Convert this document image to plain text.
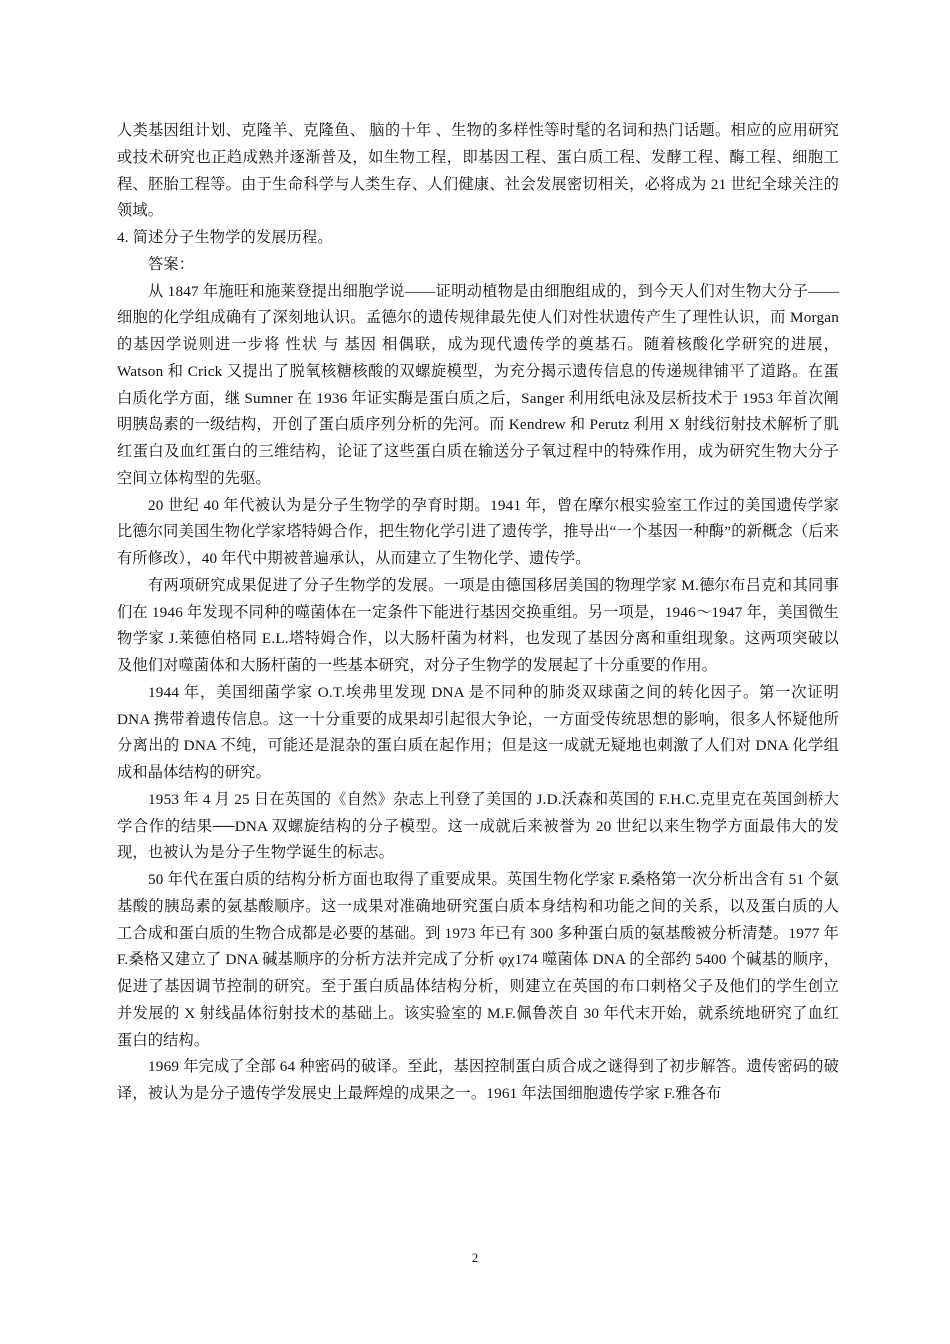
人类基因组计划、克隆羊、克隆鱼、 脑的十年 、生物的多样性等时髦的名词和热门话题。相应的应用研究或技术研究也正趋成熟并逐渐普及，如生物工程，即基因工程、蛋白质工程、发酵工程、酶工程、细胞工程、胚胎工程等。由于生命科学与人类生存、人们健康、社会发展密切相关，必将成为 21 世纪全球关注的领域。

4. 简述分子生物学的发展历程。

答案：

从 1847 年施旺和施莱登提出细胞学说——证明动植物是由细胞组成的，到今天人们对生物大分子——细胞的化学组成确有了深刻地认识。孟德尔的遗传规律最先使人们对性状遗传产生了理性认识，而 Morgan 的基因学说则进一步将 性状 与 基因 相偶联，成为现代遗传学的奠基石。随着核酸化学研究的进展，Watson 和 Crick 又提出了脱氧核糖核酸的双螺旋模型，为充分揭示遗传信息的传递规律铺平了道路。在蛋白质化学方面，继 Sumner 在 1936 年证实酶是蛋白质之后，Sanger 利用纸电泳及层析技术于 1953 年首次阐明胰岛素的一级结构，开创了蛋白质序列分析的先河。而 Kendrew 和 Perutz 利用 X 射线衍射技术解析了肌红蛋白及血红蛋白的三维结构，论证了这些蛋白质在输送分子氧过程中的特殊作用，成为研究生物大分子空间立体构型的先驱。

20 世纪 40 年代被认为是分子生物学的孕育时期。1941 年，曾在摩尔根实验室工作过的美国遗传学家比德尔同美国生物化学家塔特姆合作，把生物化学引进了遗传学，推导出“一个基因一种酶”的新概念（后来有所修改），40 年代中期被普遍承认，从而建立了生物化学、遗传学。

有两项研究成果促进了分子生物学的发展。一项是由德国移居美国的物理学家 M.德尔布吕克和其同事们在 1946 年发现不同种的噬菌体在一定条件下能进行基因交换重组。另一项是，1946～1947 年，美国微生物学家 J.莱德伯格同 E.L.塔特姆合作，以大肠杆菌为材料，也发现了基因分离和重组现象。这两项突破以及他们对噬菌体和大肠杆菌的一些基本研究，对分子生物学的发展起了十分重要的作用。

1944 年，美国细菌学家 O.T.埃弗里发现 DNA 是不同种的肺炎双球菌之间的转化因子。第一次证明 DNA 携带着遗传信息。这一十分重要的成果却引起很大争论，一方面受传统思想的影响，很多人怀疑他所分离出的 DNA 不纯，可能还是混杂的蛋白质在起作用；但是这一成就无疑地也刺激了人们对 DNA 化学组成和晶体结构的研究。

1953 年 4 月 25 日在英国的《自然》杂志上刊登了美国的 J.D.沃森和英国的 F.H.C.克里克在英国剑桥大学合作的结果──DNA 双螺旋结构的分子模型。这一成就后来被誉为 20 世纪以来生物学方面最伟大的发现，也被认为是分子生物学诞生的标志。

50 年代在蛋白质的结构分析方面也取得了重要成果。英国生物化学家 F.桑格第一次分析出含有 51 个氨基酸的胰岛素的氨基酸顺序。这一成果对准确地研究蛋白质本身结构和功能之间的关系，以及蛋白质的人工合成和蛋白质的生物合成都是必要的基础。到 1973 年已有 300 多种蛋白质的氨基酸被分析清楚。1977 年 F.桑格又建立了 DNA 碱基顺序的分析方法并完成了分析 φχ174 噬菌体 DNA 的全部约 5400 个碱基的顺序，促进了基因调节控制的研究。至于蛋白质晶体结构分析，则建立在英国的布口剌格父子及他们的学生创立并发展的 X 射线晶体衍射技术的基础上。该实验室的 M.F.佩鲁茨自 30 年代末开始，就系统地研究了血红蛋白的结构。

1969 年完成了全部 64 种密码的破译。至此，基因控制蛋白质合成之谜得到了初步解答。遗传密码的破译，被认为是分子遗传学发展史上最辉煌的成果之一。1961 年法国细胞遗传学家 F.雅各布

2
